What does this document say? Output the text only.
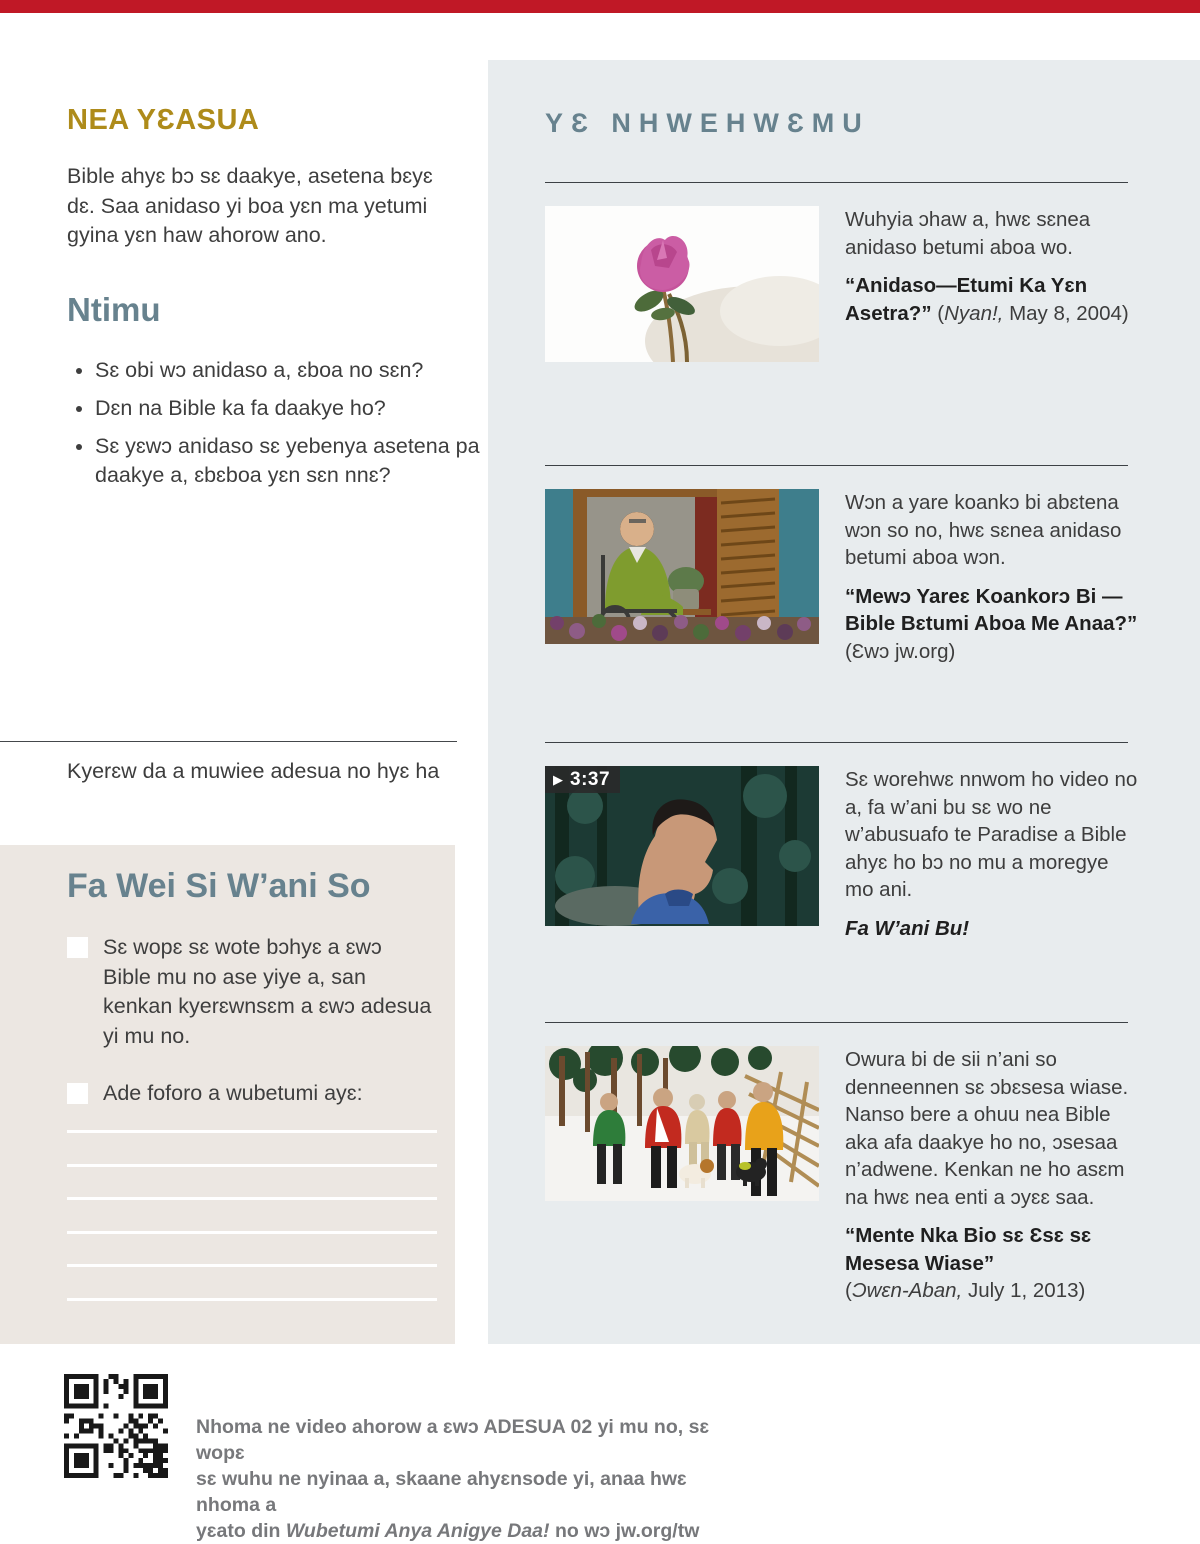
NEA YƐASUA

Bible ahyɛ bɔ sɛ daakye, asetena bɛyɛ dɛ. Saa anidaso yi boa yɛn ma yetumi gyina yɛn haw ahorow ano.

Ntimu
• Sɛ obi wɔ anidaso a, ɛboa no sɛn?
• Dɛn na Bible ka fa daakye ho?
• Sɛ yɛwɔ anidaso sɛ yebenya asetena pa daakye a, ɛbɛboa yɛn sɛn nnɛ?

Kyerɛw da a muwiee adesua no hyɛ ha

Fa Wei Si W’ani So

Sɛ wopɛ sɛ wote bɔhyɛ a ɛwɔ Bible mu no ase yiye a, san kenkan kyerɛwnsɛm a ɛwɔ adesua yi mu no.

Ade foforo a wubetumi ayɛ:

Nhoma ne video ahorow a ɛwɔ ADESUA 02 yi mu no, sɛ wopɛ
sɛ wuhu ne nyinaa a, skaane ahyɛnsode yi, anaa hwɛ nhoma a
yɛato din Wubetumi Anya Anigye Daa! no wɔ jw.org/tw
YƐ NHWEHWƐMU

Wuhyia ɔhaw a, hwɛ sɛnea anidaso betumi aboa wo.

“Anidaso—Etumi Ka Yɛn Asetra?” (Nyan!, May 8, 2004)

Wɔn a yare koankɔ bi abɛtena wɔn so no, hwɛ sɛnea anidaso betumi aboa wɔn.

“Mewɔ Yareɛ Koankorɔ Bi —Bible Bɛtumi Aboa Me Anaa?” (Ɛwɔ jw.org)

▶ 3:37	Sɛ worehwɛ nnwom ho video no a, fa w’ani bu sɛ wo ne w’abusuafo te Paradise a Bible ahyɛ ho bɔ no mu a moregye mo ani.

Fa W’ani Bu!

Owura bi de sii n’ani so denneennen sɛ ɔbɛsesa wiase. Nanso bere a ohuu nea Bible aka afa daakye ho no, ɔsesaa n’adwene. Kenkan ne ho asɛm na hwɛ nea enti a ɔyɛɛ saa.

“Mente Nka Bio sɛ Ɛsɛ sɛ Mesesa Wiase”

(Ɔwɛn-Aban, July 1, 2013)
